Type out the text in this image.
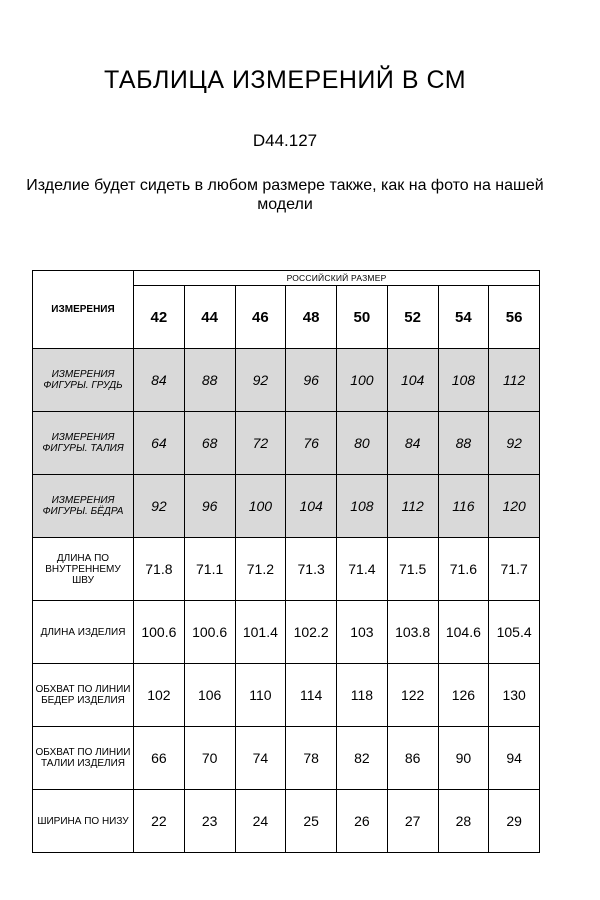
ТАБЛИЦА ИЗМЕРЕНИЙ В СМ
D44.127
Изделие будет сидеть в любом размере также, как на фото на нашей модели
ИЗМЕРЕНИЯ	РОССИЙСКИЙ РАЗМЕР							
	42	44	46	48	50	52	54	56
ИЗМЕРЕНИЯ ФИГУРЫ. ГРУДЬ	84	88	92	96	100	104	108	112
ИЗМЕРЕНИЯ ФИГУРЫ. ТАЛИЯ	64	68	72	76	80	84	88	92
ИЗМЕРЕНИЯ ФИГУРЫ. БЁДРА	92	96	100	104	108	112	116	120
ДЛИНА ПО ВНУТРЕННЕМУ ШВУ	71.8	71.1	71.2	71.3	71.4	71.5	71.6	71.7
ДЛИНА ИЗДЕЛИЯ	100.6	100.6	101.4	102.2	103	103.8	104.6	105.4
ОБХВАТ ПО ЛИНИИ БЕДЕР ИЗДЕЛИЯ	102	106	110	114	118	122	126	130
ОБХВАТ ПО ЛИНИИ ТАЛИИ ИЗДЕЛИЯ	66	70	74	78	82	86	90	94
ШИРИНА ПО НИЗУ	22	23	24	25	26	27	28	29
